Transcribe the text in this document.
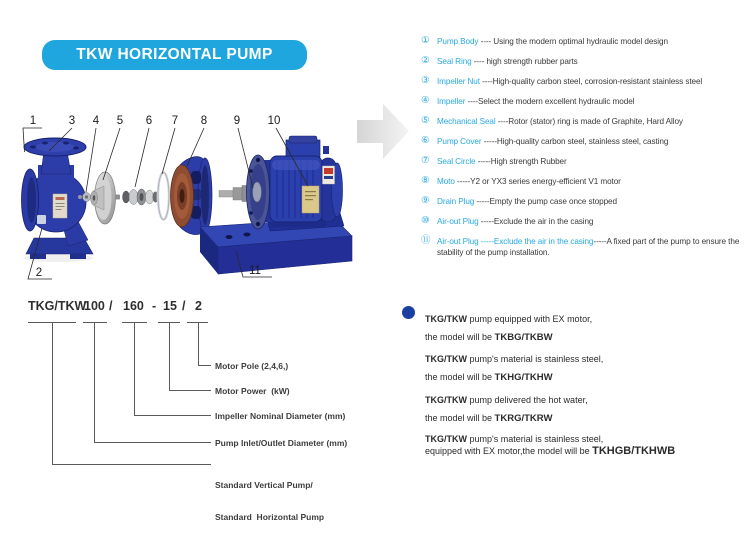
1	3 4 5 6 7 8 9 10
2	11
TKW HORIZONTAL PUMP
① Pump Body ---- Using the modern optimal hydraulic model design
② Seal Ring ---- high strength rubber parts
③ Impeller Nut ----High-quality carbon steel, corrosion-resistant stainless steel
④ Impeller ----Select the modern excellent hydraulic model
⑤ Mechanical Seal ----Rotor (stator) ring is made of Graphite, Hard Alloy
⑥ Pump Cover -----High-quality carbon steel, stainless steel, casting
⑦ Seal Circle -----High strength Rubber
⑧ Moto -----Y2 or YX3 series energy-efficient V1 motor
⑨ Drain Plug -----Empty the pump case once stopped
⑩ Air-out Plug -----Exclude the air in the casing
⑪ Air-out Plug -----Exclude the air in the casing-----A fixed part of the pump to ensure the stability of the pump installation.
TKG/TKW
100 / 160 - 15 / 2
Motor Pole (2,4,6,)
Motor Power  (kW)
Impeller Nominal Diameter (mm)
Pump Inlet/Outlet Diameter (mm)

Standard Vertical Pump/

Standard  Horizontal Pump

TKG/TKW pump equipped with EX motor,
the model will be TKBG/TKBW
TKG/TKW pump's material is stainless steel,
the model will be TKHG/TKHW
TKG/TKW pump delivered the hot water,
the model will be TKRG/TKRW
TKG/TKW pump's material is stainless steel,
equipped with EX motor,the model will be TKHGB/TKHWB
